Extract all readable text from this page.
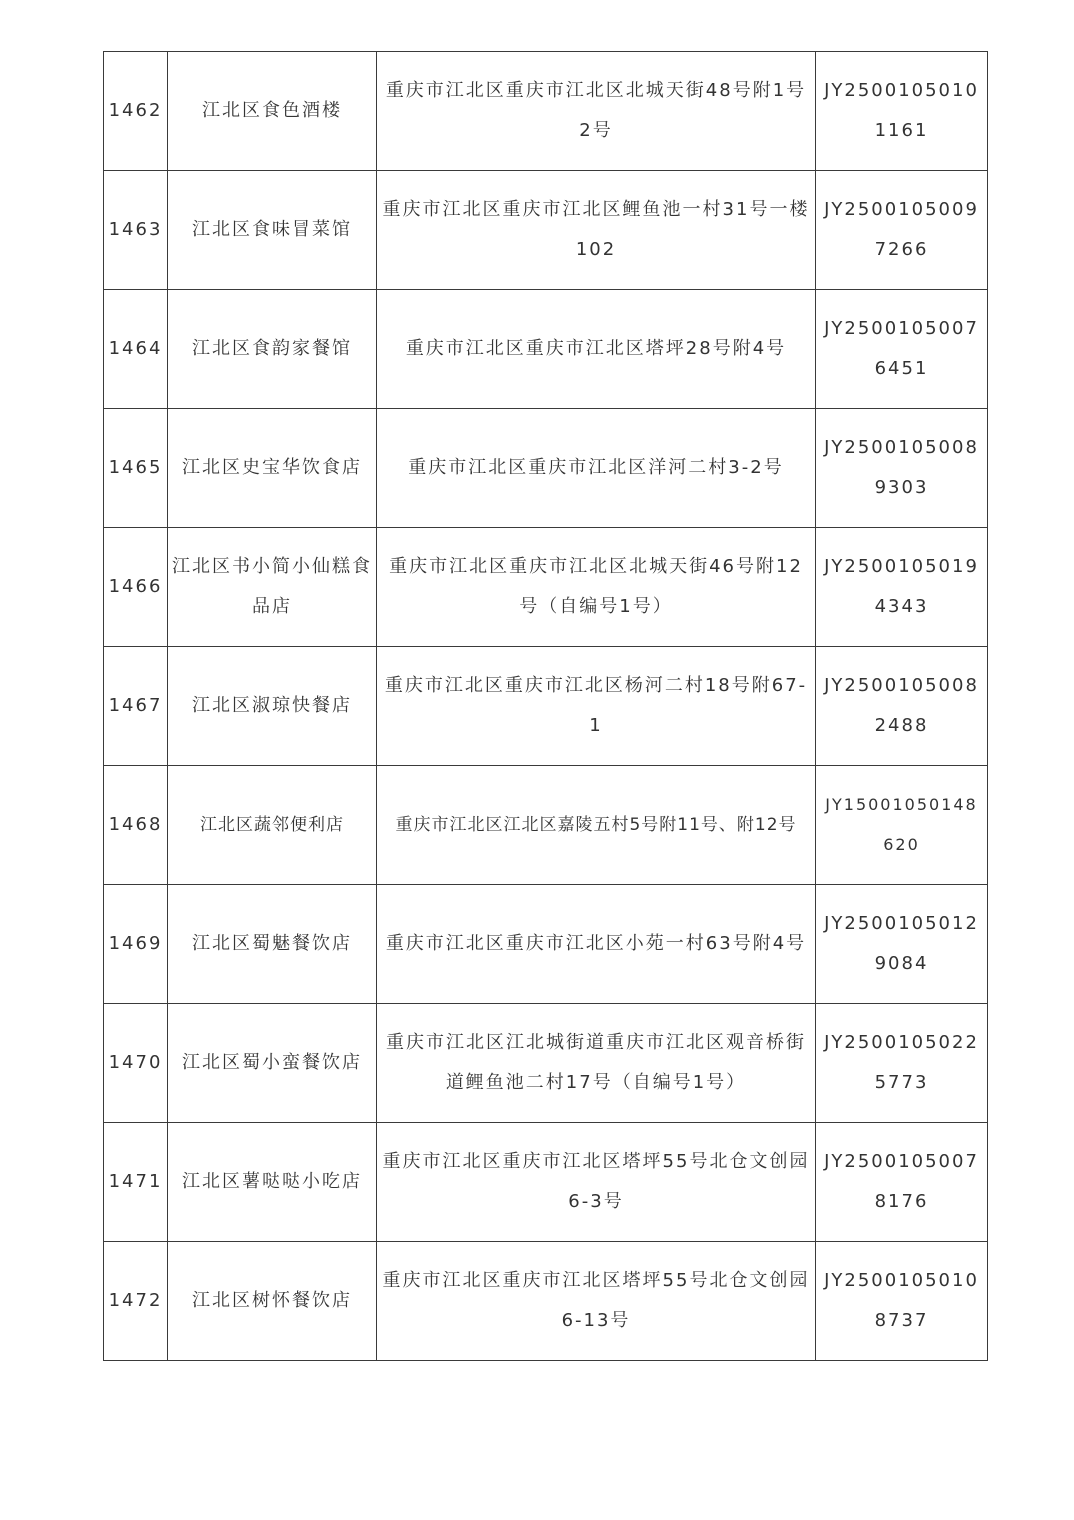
1462	江北区食色酒楼	重庆市江北区重庆市江北区北城天街48号附1号2号	JY25001050101161
1463	江北区食味冒菜馆	重庆市江北区重庆市江北区鲤鱼池一村31号一楼102	JY25001050097266
1464	江北区食韵家餐馆	重庆市江北区重庆市江北区塔坪28号附4号	JY25001050076451
1465	江北区史宝华饮食店	重庆市江北区重庆市江北区洋河二村3-2号	JY25001050089303
1466	江北区书小简小仙糕食品店	重庆市江北区重庆市江北区北城天街46号附12号（自编号1号）	JY25001050194343
1467	江北区淑琼快餐店	重庆市江北区重庆市江北区杨河二村18号附67-1	JY25001050082488
1468	江北区蔬邻便利店	重庆市江北区江北区嘉陵五村5号附11号、附12号	JY15001050148620
1469	江北区蜀魅餐饮店	重庆市江北区重庆市江北区小苑一村63号附4号	JY25001050129084
1470	江北区蜀小蛮餐饮店	重庆市江北区江北城街道重庆市江北区观音桥街道鲤鱼池二村17号（自编号1号）	JY25001050225773
1471	江北区薯哒哒小吃店	重庆市江北区重庆市江北区塔坪55号北仓文创园6-3号	JY25001050078176
1472	江北区树怀餐饮店	重庆市江北区重庆市江北区塔坪55号北仓文创园6-13号	JY25001050108737
